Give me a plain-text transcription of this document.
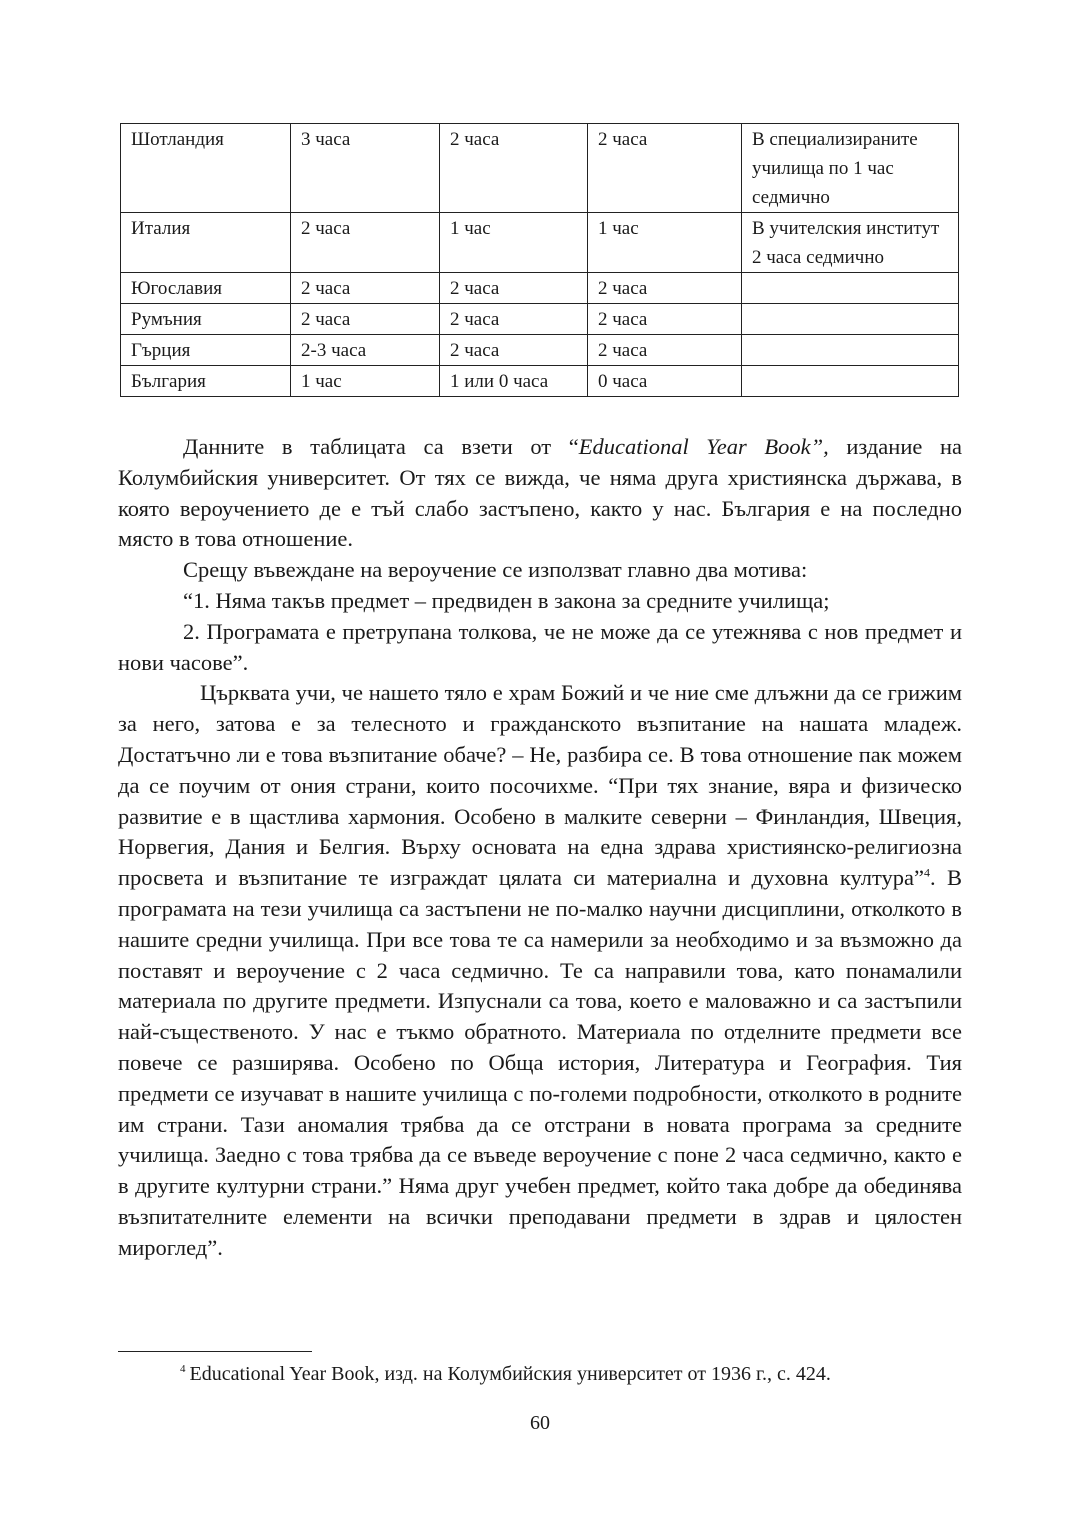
Шотландия	3 часа	2 часа	2 часа	В специализираните училища по 1 час седмично
Италия	2 часа	1 час	1 час	В учителския институт 2 часа седмично
Югославия	2 часа	2 часа	2 часа	
Румъния	2 часа	2 часа	2 часа	
Гърция	2-3 часа	2 часа	2 часа	
България	1 час	1 или 0 часа	0 часа	

Данните в таблицата са взети от “Educational Year Book”, издание на Колумбийския университет. От тях се вижда, че няма друга християнска държава, в която вероучението де е тъй слабо застъпено, както у нас. България е на последно място в това отношение.

Срещу въвеждане на вероучение се използват главно два мотива:

“1. Няма такъв предмет – предвиден в закона за средните училища;

2. Програмата е претрупана толкова, че не може да се утежнява с нов предмет и нови часове”.

Църквата учи, че нашето тяло е храм Божий и че ние сме длъжни да се грижим за него, затова е за телесното и гражданското възпитание на нашата младеж. Достатъчно ли е това възпитание обаче? – Не, разбира се. В това отношение пак можем да се поучим от ония страни, които посочихме. “При тях знание, вяра и физическо развитие е в щастлива хармония. Особено в малките северни – Финландия, Швеция, Норвегия, Дания и Белгия. Върху основата на една здрава християнско-религиозна просвета и възпитание те изграждат цялата си материална и духовна култура”$^4$. В програмата на тези училища са застъпени не по-малко научни дисциплини, отколкото в нашите средни училища. При все това те са намерили за необходимо и за възможно да поставят и вероучение с 2 часа седмично. Те са направили това, като понамалили материала по другите предмети. Изпуснали са това, което е маловажно и са застъпили най-същественото. У нас е тъкмо обратното. Материала по отделните предмети все повече се разширява. Особено по Обща история, Литература и География. Тия предмети се изучават в нашите училища с по-големи подробности, отколкото в родните им страни. Тази аномалия трябва да се отстрани в новата програма за средните училища. Заедно с това трябва да се въведе вероучение с поне 2 часа седмично, както е в другите културни страни.” Няма друг учебен предмет, който така добре да обединява възпитателните елементи на всички преподавани предмети в здрав и цялостен мироглед”.

$^4$ Educational Year Book, изд. на Колумбийския университет от 1936 г., с. 424.
60
